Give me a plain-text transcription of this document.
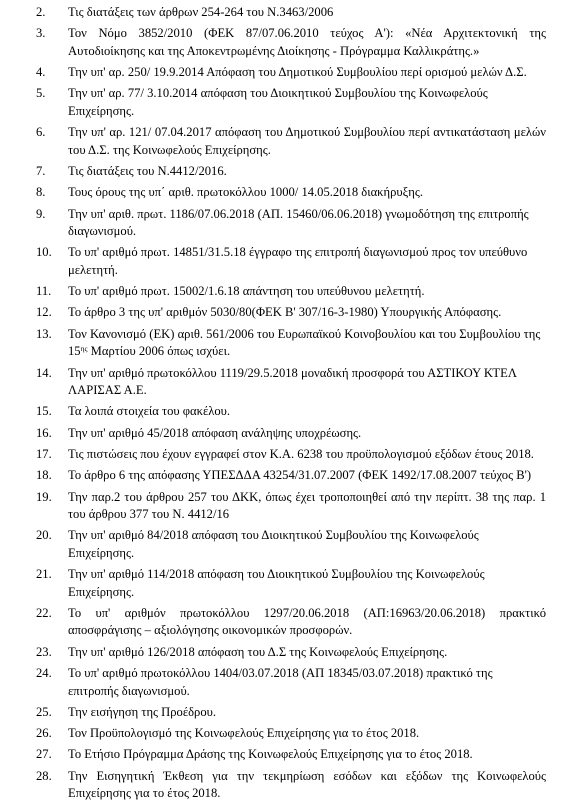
2. Τις διατάξεις των άρθρων 254-264 του Ν.3463/2006
3. Τον Νόμο 3852/2010 (ΦΕΚ 87/07.06.2010 τεύχος Α'): «Νέα Αρχιτεκτονική της Αυτοδιοίκησης και της Αποκεντρωμένης Διοίκησης - Πρόγραμμα Καλλικράτης.»
4. Την υπ' αρ. 250/ 19.9.2014 Απόφαση του Δημοτικού Συμβουλίου περί ορισμού μελών Δ.Σ.
5. Την υπ' αρ. 77/ 3.10.2014 απόφαση του Διοικητικού Συμβουλίου της Κοινωφελούς Επιχείρησης.
6. Την υπ' αρ. 121/ 07.04.2017 απόφαση του Δημοτικού Συμβουλίου περί αντικατάσταση μελών του Δ.Σ. της Κοινωφελούς Επιχείρησης.
7. Τις διατάξεις του Ν.4412/2016.
8. Τους όρους της υπ΄ αριθ. πρωτοκόλλου 1000/ 14.05.2018 διακήρυξης.
9. Την υπ' αριθ. πρωτ. 1186/07.06.2018 (ΑΠ. 15460/06.06.2018) γνωμοδότηση της επιτροπής διαγωνισμού.
10. Το υπ' αριθμό πρωτ. 14851/31.5.18 έγγραφο της επιτροπή διαγωνισμού προς τον υπεύθυνο μελετητή.
11. Το υπ' αριθμό πρωτ. 15002/1.6.18 απάντηση του υπεύθυνου μελετητή.
12. Το άρθρο 3 της υπ' αριθμόν 5030/80(ΦΕΚ Β' 307/16-3-1980) Υπουργικής Απόφασης.
13. Τον Κανονισμό (ΕΚ) αριθ. 561/2006 του Ευρωπαϊκού Κοινοβουλίου και του Συμβουλίου της $15^{\eta\varsigma}$ Μαρτίου 2006 όπως ισχύει.
14. Την υπ' αριθμό πρωτοκόλλου 1119/29.5.2018 μοναδική προσφορά του ΑΣΤΙΚΟΥ ΚΤΕΛ ΛΑΡΙΣΑΣ Α.Ε.
15. Τα λοιπά στοιχεία του φακέλου.
16. Την υπ' αριθμό 45/2018 απόφαση ανάληψης υποχρέωσης.
17. Τις πιστώσεις που έχουν εγγραφεί στον Κ.Α. 6238 του προϋπολογισμού εξόδων έτους 2018.
18. Το άρθρο 6 της απόφασης ΥΠΕΣΔΔΑ 43254/31.07.2007 (ΦΕΚ 1492/17.08.2007 τεύχος Β')
19. Την παρ.2 του άρθρου 257 του ΔΚΚ, όπως έχει τροποποιηθεί από την περίπτ. 38 της παρ. 1 του άρθρου 377 του Ν. 4412/16
20. Την υπ' αριθμό 84/2018 απόφαση του Διοικητικού Συμβουλίου της Κοινωφελούς Επιχείρησης.
21. Την υπ' αριθμό 114/2018 απόφαση του Διοικητικού Συμβουλίου της Κοινωφελούς Επιχείρησης.
22. Το υπ' αριθμόν πρωτοκόλλου 1297/20.06.2018 (ΑΠ:16963/20.06.2018) πρακτικό αποσφράγισης – αξιολόγησης οικονομικών προσφορών.
23. Την υπ' αριθμό 126/2018 απόφαση του Δ.Σ της Κοινωφελούς Επιχείρησης.
24. Το υπ' αριθμό πρωτοκόλλου 1404/03.07.2018 (ΑΠ 18345/03.07.2018) πρακτικό της επιτροπής διαγωνισμού.
25. Την εισήγηση της Προέδρου.
26. Τον Προϋπολογισμό της Κοινωφελούς Επιχείρησης για το έτος 2018.
27. Το Ετήσιο Πρόγραμμα Δράσης της Κοινωφελούς Επιχείρησης για το έτος 2018.
28. Την Εισηγητική Έκθεση για την τεκμηρίωση εσόδων και εξόδων της Κοινωφελούς Επιχείρησης για το έτος 2018.
